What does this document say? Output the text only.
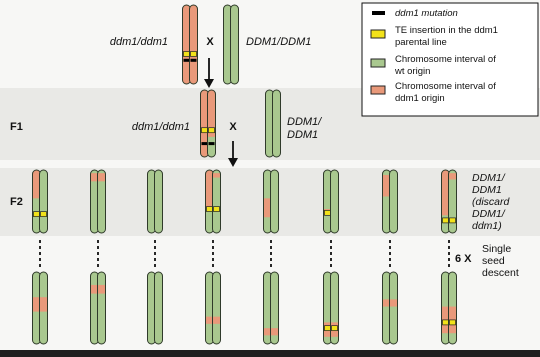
ddm1 mutation
TE insertion in the ddm1 parental line
Chromosome interval of wt origin
Chromosome interval of ddm1 origin
ddm1/ddm1	X	DDM1/DDM1
F1	ddm1/ddm1	X	DDM1/ DDM1
F2
DDM1/ DDM1 (discard DDM1/ ddm1)
6 X
Single seed descent
